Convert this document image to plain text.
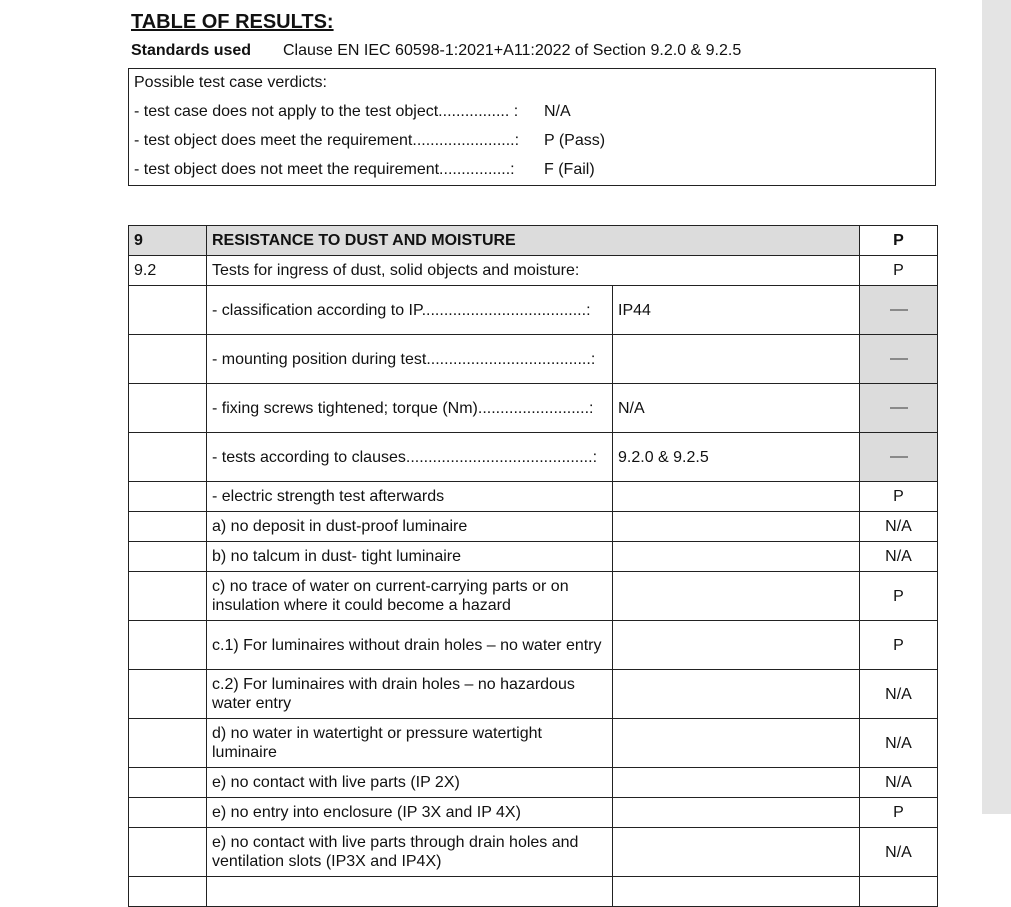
TABLE OF RESULTS:
Standards used Clause EN IEC 60598-1:2021+A11:2022 of Section 9.2.0 & 9.2.5
Possible test case verdicts:
- test case does not apply to the test object................ : N/A
- test object does meet the requirement.......................: P (Pass)
- test object does not meet the requirement................: F (Fail)
9	RESISTANCE TO DUST AND MOISTURE		P
9.2	Tests for ingress of dust, solid objects and moisture:		P
	- classification according to IP.....................................:	IP44	
	- mounting position during test.....................................:		
	- fixing screws tightened; torque (Nm).........................:	N/A	
	- tests according to clauses..........................................:	9.2.0 & 9.2.5	
	- electric strength test afterwards		P
	a) no deposit in dust-proof luminaire		N/A
	b) no talcum in dust- tight luminaire		N/A
	c) no trace of water on current-carrying parts or on insulation where it could become a hazard		P
	c.1) For luminaires without drain holes – no water entry		P
	c.2) For luminaires with drain holes – no hazardous water entry		N/A
	d) no water in watertight or pressure watertight luminaire		N/A
	e) no contact with live parts (IP 2X)		N/A
	e) no entry into enclosure (IP 3X and IP 4X)		P
	e) no contact with live parts through drain holes and ventilation slots (IP3X and IP4X)		N/A
